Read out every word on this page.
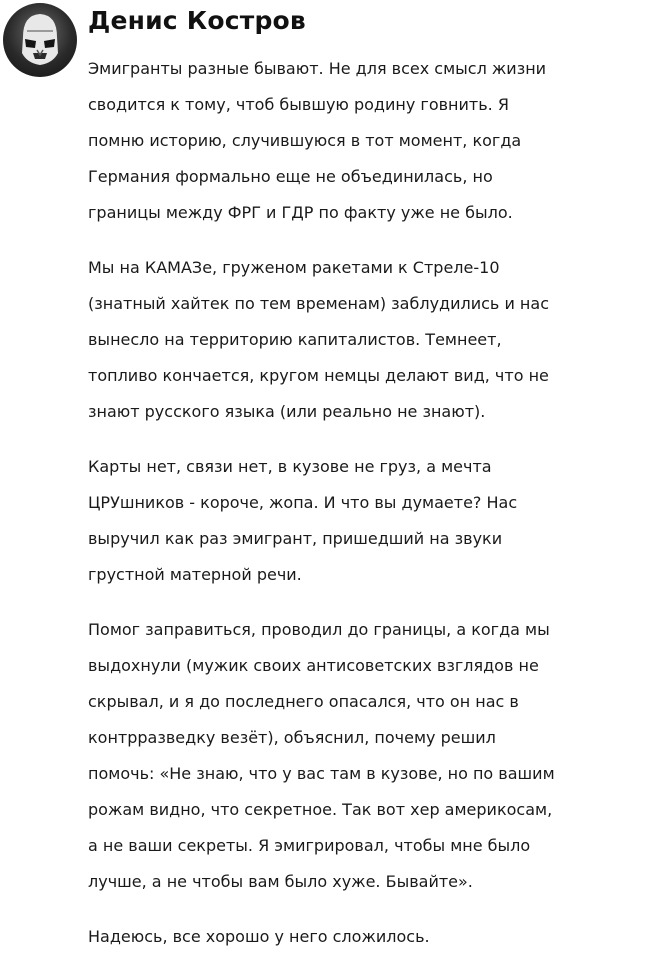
Денис Костров
Эмигранты разные бывают. Не для всех смысл жизни
сводится к тому, чтоб бывшую родину говнить. Я
помню историю, случившуюся в тот момент, когда
Германия формально еще не объединилась, но
границы между ФРГ и ГДР по факту уже не было.
Мы на КАМАЗе, груженом ракетами к Стреле-10
(знатный хайтек по тем временам) заблудились и нас
вынесло на территорию капиталистов. Темнеет,
топливо кончается, кругом немцы делают вид, что не
знают русского языка (или реально не знают).
Карты нет, связи нет, в кузове не груз, а мечта
ЦРУшников - короче, жопа. И что вы думаете? Нас
выручил как раз эмигрант, пришедший на звуки
грустной матерной речи.
Помог заправиться, проводил до границы, а когда мы
выдохнули (мужик своих антисоветских взглядов не
скрывал, и я до последнего опасался, что он нас в
контрразведку везёт), объяснил, почему решил
помочь: «Не знаю, что у вас там в кузове, но по вашим
рожам видно, что секретное. Так вот хер америкосам,
а не ваши секреты. Я эмигрировал, чтобы мне было
лучше, а не чтобы вам было хуже. Бывайте».
Надеюсь, все хорошо у него сложилось.
